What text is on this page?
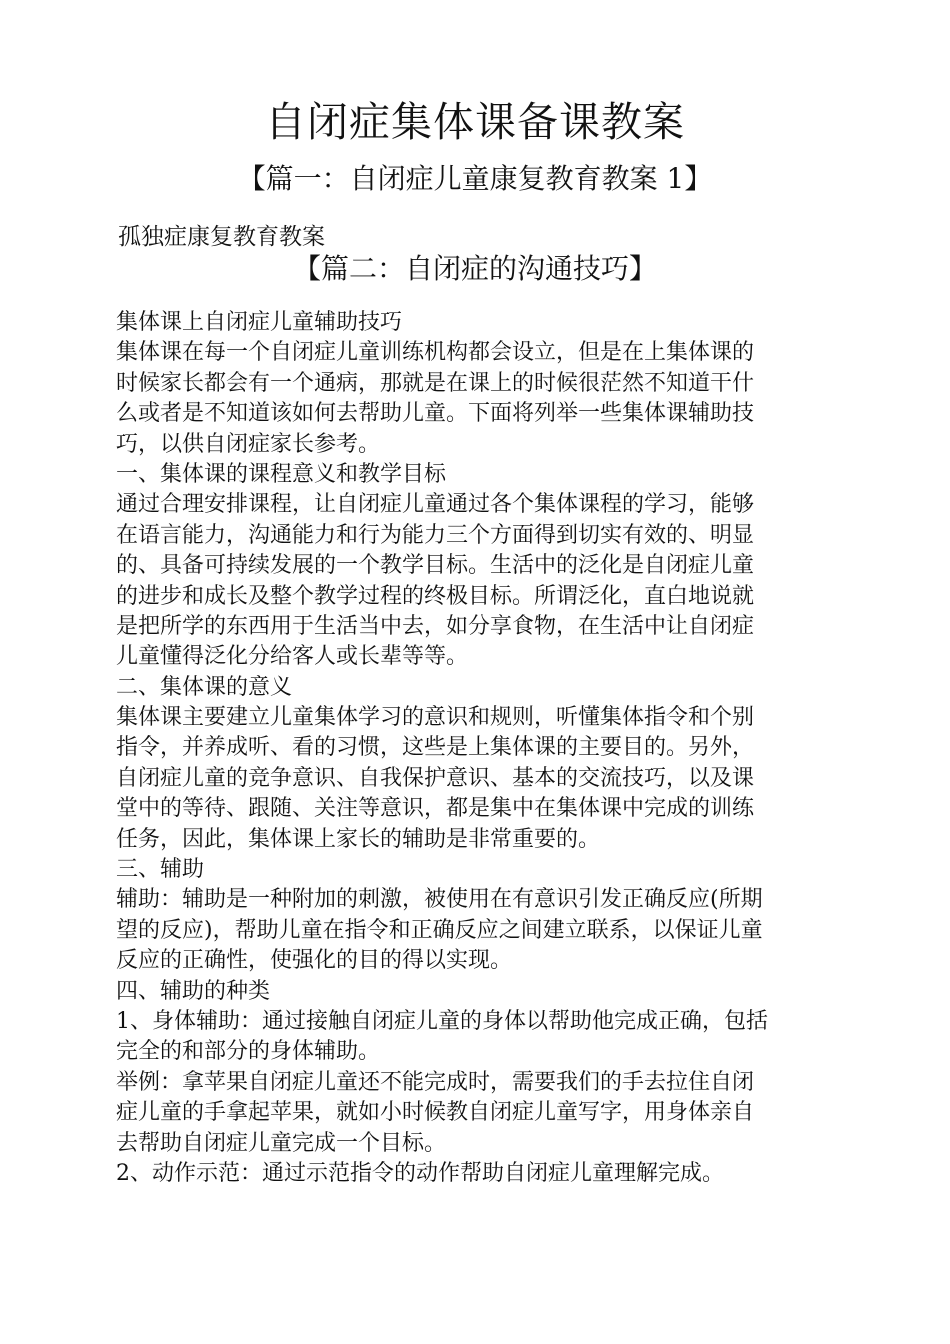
自闭症集体课备课教案
【篇一：自闭症儿童康复教育教案 1】
孤独症康复教育教案
【篇二：自闭症的沟通技巧】
集体课上自闭症儿童辅助技巧
集体课在每一个自闭症儿童训练机构都会设立，但是在上集体课的
时候家长都会有一个通病，那就是在课上的时候很茫然不知道干什
么或者是不知道该如何去帮助儿童。下面将列举一些集体课辅助技
巧，以供自闭症家长参考。
一、集体课的课程意义和教学目标
通过合理安排课程，让自闭症儿童通过各个集体课程的学习，能够
在语言能力，沟通能力和行为能力三个方面得到切实有效的、明显
的、具备可持续发展的一个教学目标。生活中的泛化是自闭症儿童
的进步和成长及整个教学过程的终极目标。所谓泛化，直白地说就
是把所学的东西用于生活当中去，如分享食物，在生活中让自闭症
儿童懂得泛化分给客人或长辈等等。
二、集体课的意义
集体课主要建立儿童集体学习的意识和规则，听懂集体指令和个别
指令，并养成听、看的习惯，这些是上集体课的主要目的。另外，
自闭症儿童的竞争意识、自我保护意识、基本的交流技巧，以及课
堂中的等待、跟随、关注等意识，都是集中在集体课中完成的训练
任务，因此，集体课上家长的辅助是非常重要的。
三、辅助
辅助：辅助是一种附加的刺激，被使用在有意识引发正确反应(所期
望的反应)，帮助儿童在指令和正确反应之间建立联系，以保证儿童
反应的正确性，使强化的目的得以实现。
四、辅助的种类
1、身体辅助：通过接触自闭症儿童的身体以帮助他完成正确，包括
完全的和部分的身体辅助。
举例：拿苹果自闭症儿童还不能完成时，需要我们的手去拉住自闭
症儿童的手拿起苹果，就如小时候教自闭症儿童写字，用身体亲自
去帮助自闭症儿童完成一个目标。
2、动作示范：通过示范指令的动作帮助自闭症儿童理解完成。
